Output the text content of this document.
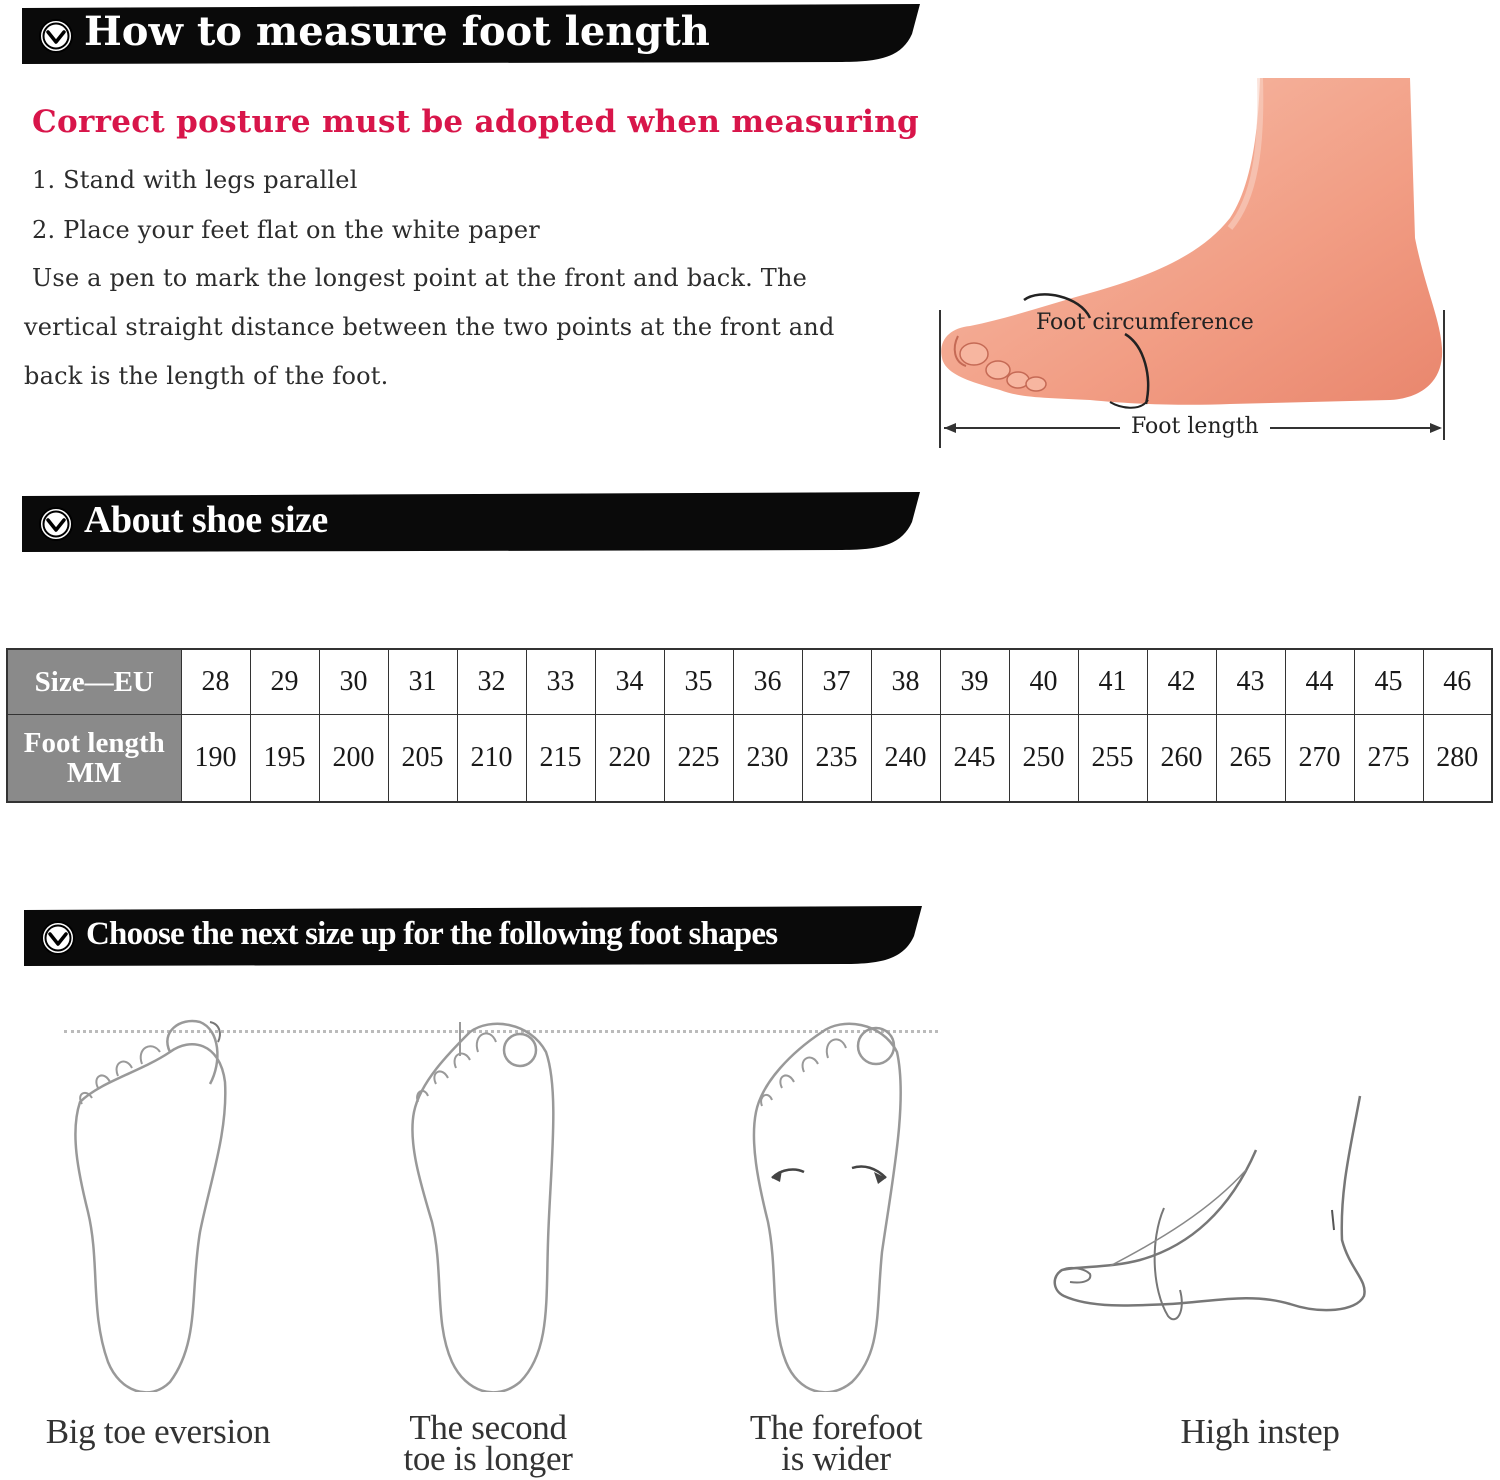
How to measure foot length
Correct posture must be adopted when measuring
1. Stand with legs parallel
2. Place your feet flat on the white paper
Use a pen to mark the longest point at the front and back. The
vertical straight distance between the two points at the front and
back is the length of the foot.
Foot circumference
Foot length
About shoe size
Size—EU	28	29	30	31	32	33	34	35	36	37	38	39	40	41	42	43	44	45	46

Foot length
MM	190	195	200	205	210	215	220	225	230	235	240	245	250	255	260	265	270	275	280
Choose the next size up for the following foot shapes
Big toe eversion	The second
toe is longer
The forefoot
is wider
High instep
